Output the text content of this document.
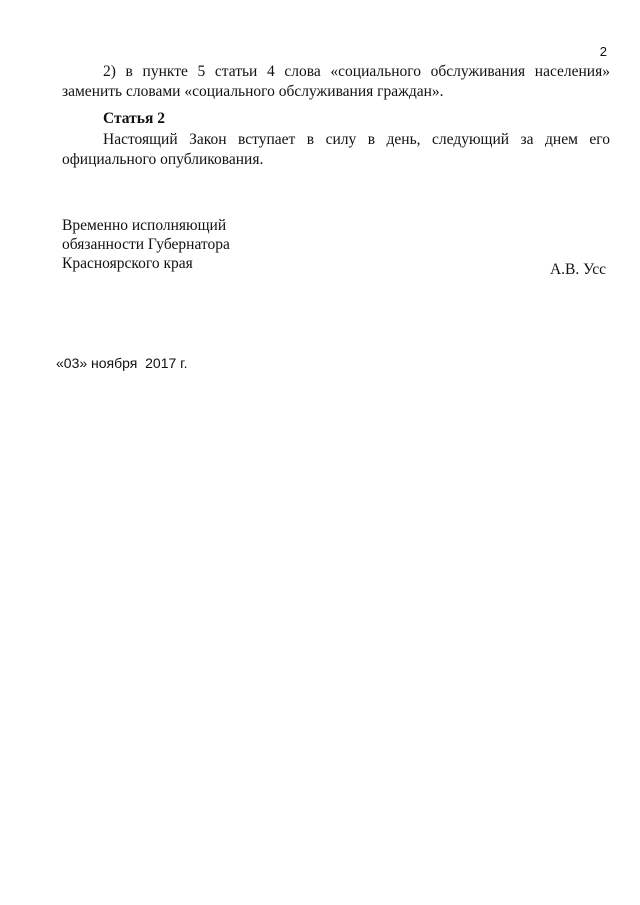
2

2) в пункте 5 статьи 4 слова «социального обслуживания населения» заменить словами «социального обслуживания граждан».

Статья 2

Настоящий Закон вступает в силу в день, следующий за днем его официального опубликования.

Временно исполняющий
обязанности Губернатора
Красноярского края	А.В. Усс
«03» ноября  2017 г.
